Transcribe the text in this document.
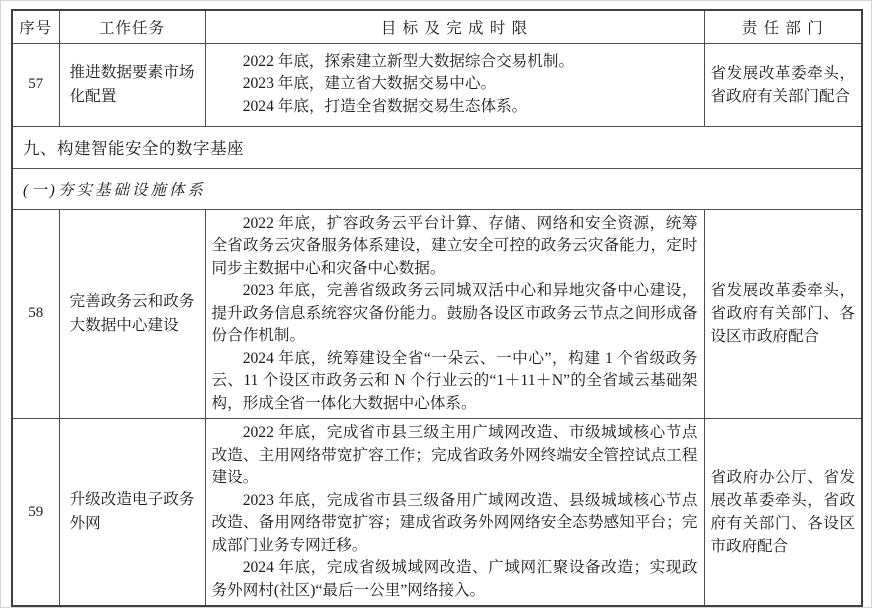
序号	工作任务	目 标 及 完 成 时 限	责 任 部 门
57	推进数据要素市场化配置	2022 年底，探索建立新型大数据综合交易机制。

2023 年底，建立省大数据交易中心。

2024 年底，打造全省数据交易生态体系。	省发展改革委牵头，省政府有关部门配合
九、构建智能安全的数字基座			
(一)夯实基础设施体系			
58	完善政务云和政务大数据中心建设	2022 年底，扩容政务云平台计算、存储、网络和安全资源，统筹全省政务云灾备服务体系建设，建立安全可控的政务云灾备能力，定时同步主数据中心和灾备中心数据。

2023 年底，完善省级政务云同城双活中心和异地灾备中心建设，提升政务信息系统容灾备份能力。鼓励各设区市政务云节点之间形成备份合作机制。

2024 年底，统筹建设全省“一朵云、一中心”，构建 1 个省级政务云、11 个设区市政务云和 N 个行业云的“1＋11＋N”的全省域云基础架构，形成全省一体化大数据中心体系。	省发展改革委牵头，省政府有关部门、各设区市政府配合
59	升级改造电子政务外网	2022 年底，完成省市县三级主用广域网改造、市级城域核心节点改造、主用网络带宽扩容工作；完成省政务外网终端安全管控试点工程建设。

2023 年底，完成省市县三级备用广域网改造、县级城域核心节点改造、备用网络带宽扩容；建成省政务外网网络安全态势感知平台；完成部门业务专网迁移。

2024 年底，完成省级城域网改造、广域网汇聚设备改造；实现政务外网村(社区)“最后一公里”网络接入。	省政府办公厅、省发展改革委牵头，省政府有关部门、各设区市政府配合
